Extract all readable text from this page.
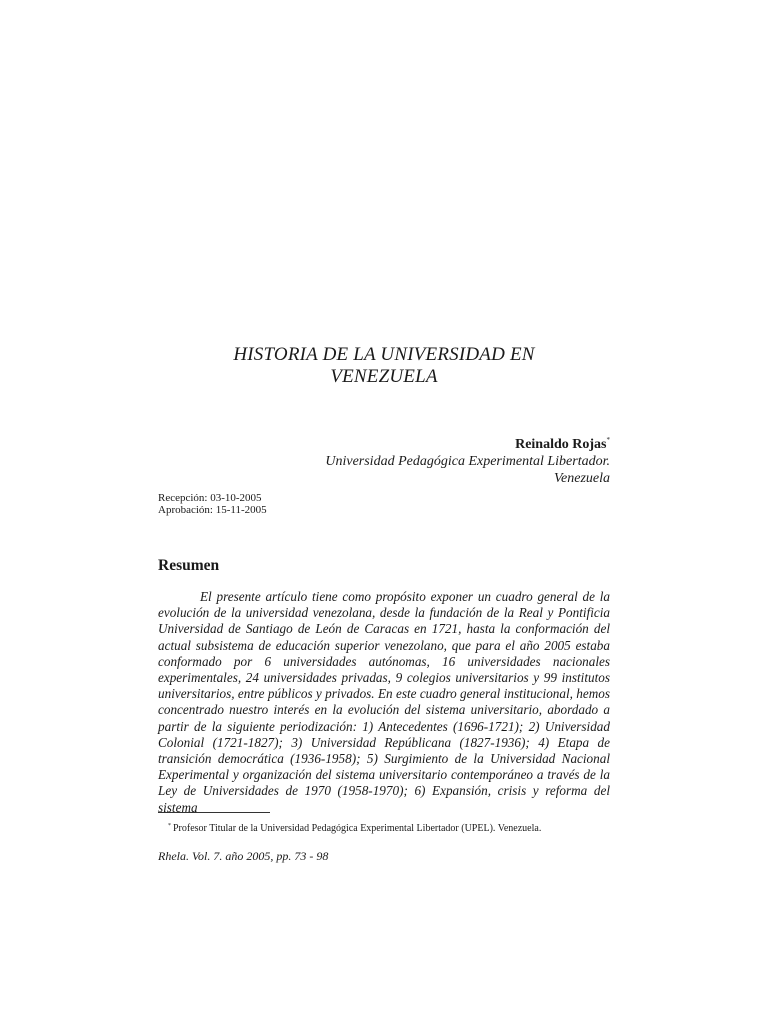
HISTORIA DE LA UNIVERSIDAD EN
VENEZUELA
Reinaldo Rojas*
Universidad Pedagógica Experimental Libertador.
Venezuela
Recepción: 03-10-2005
Aprobación: 15-11-2005
Resumen

El presente artículo tiene como propósito exponer un cuadro general de la evolución de la universidad venezolana, desde la fundación de la Real y Pontificia Universidad de Santiago de León de Caracas en 1721, hasta la conformación del actual subsistema de educación superior venezolano, que para el año 2005 estaba conformado por 6 universidades autónomas, 16 universidades nacionales experimentales, 24 universidades privadas, 9 colegios universitarios y 99 institutos universitarios, entre públicos y privados. En este cuadro general institucional, hemos concentrado nuestro interés en la evolución del sistema universitario, abordado a partir de la siguiente periodización: 1) Antecedentes (1696-1721); 2) Universidad Colonial (1721-1827); 3) Universidad Repúblicana (1827-1936); 4) Etapa de transición democrática (1936-1958); 5) Surgimiento de la Universidad Nacional Experimental y organización del sistema universitario contemporáneo a través de la Ley de Universidades de 1970 (1958-1970); 6) Expansión, crisis y reforma del sistema

* Profesor Titular de la Universidad Pedagógica Experimental Libertador (UPEL). Venezuela.
Rhela. Vol. 7. año 2005, pp. 73 - 98
